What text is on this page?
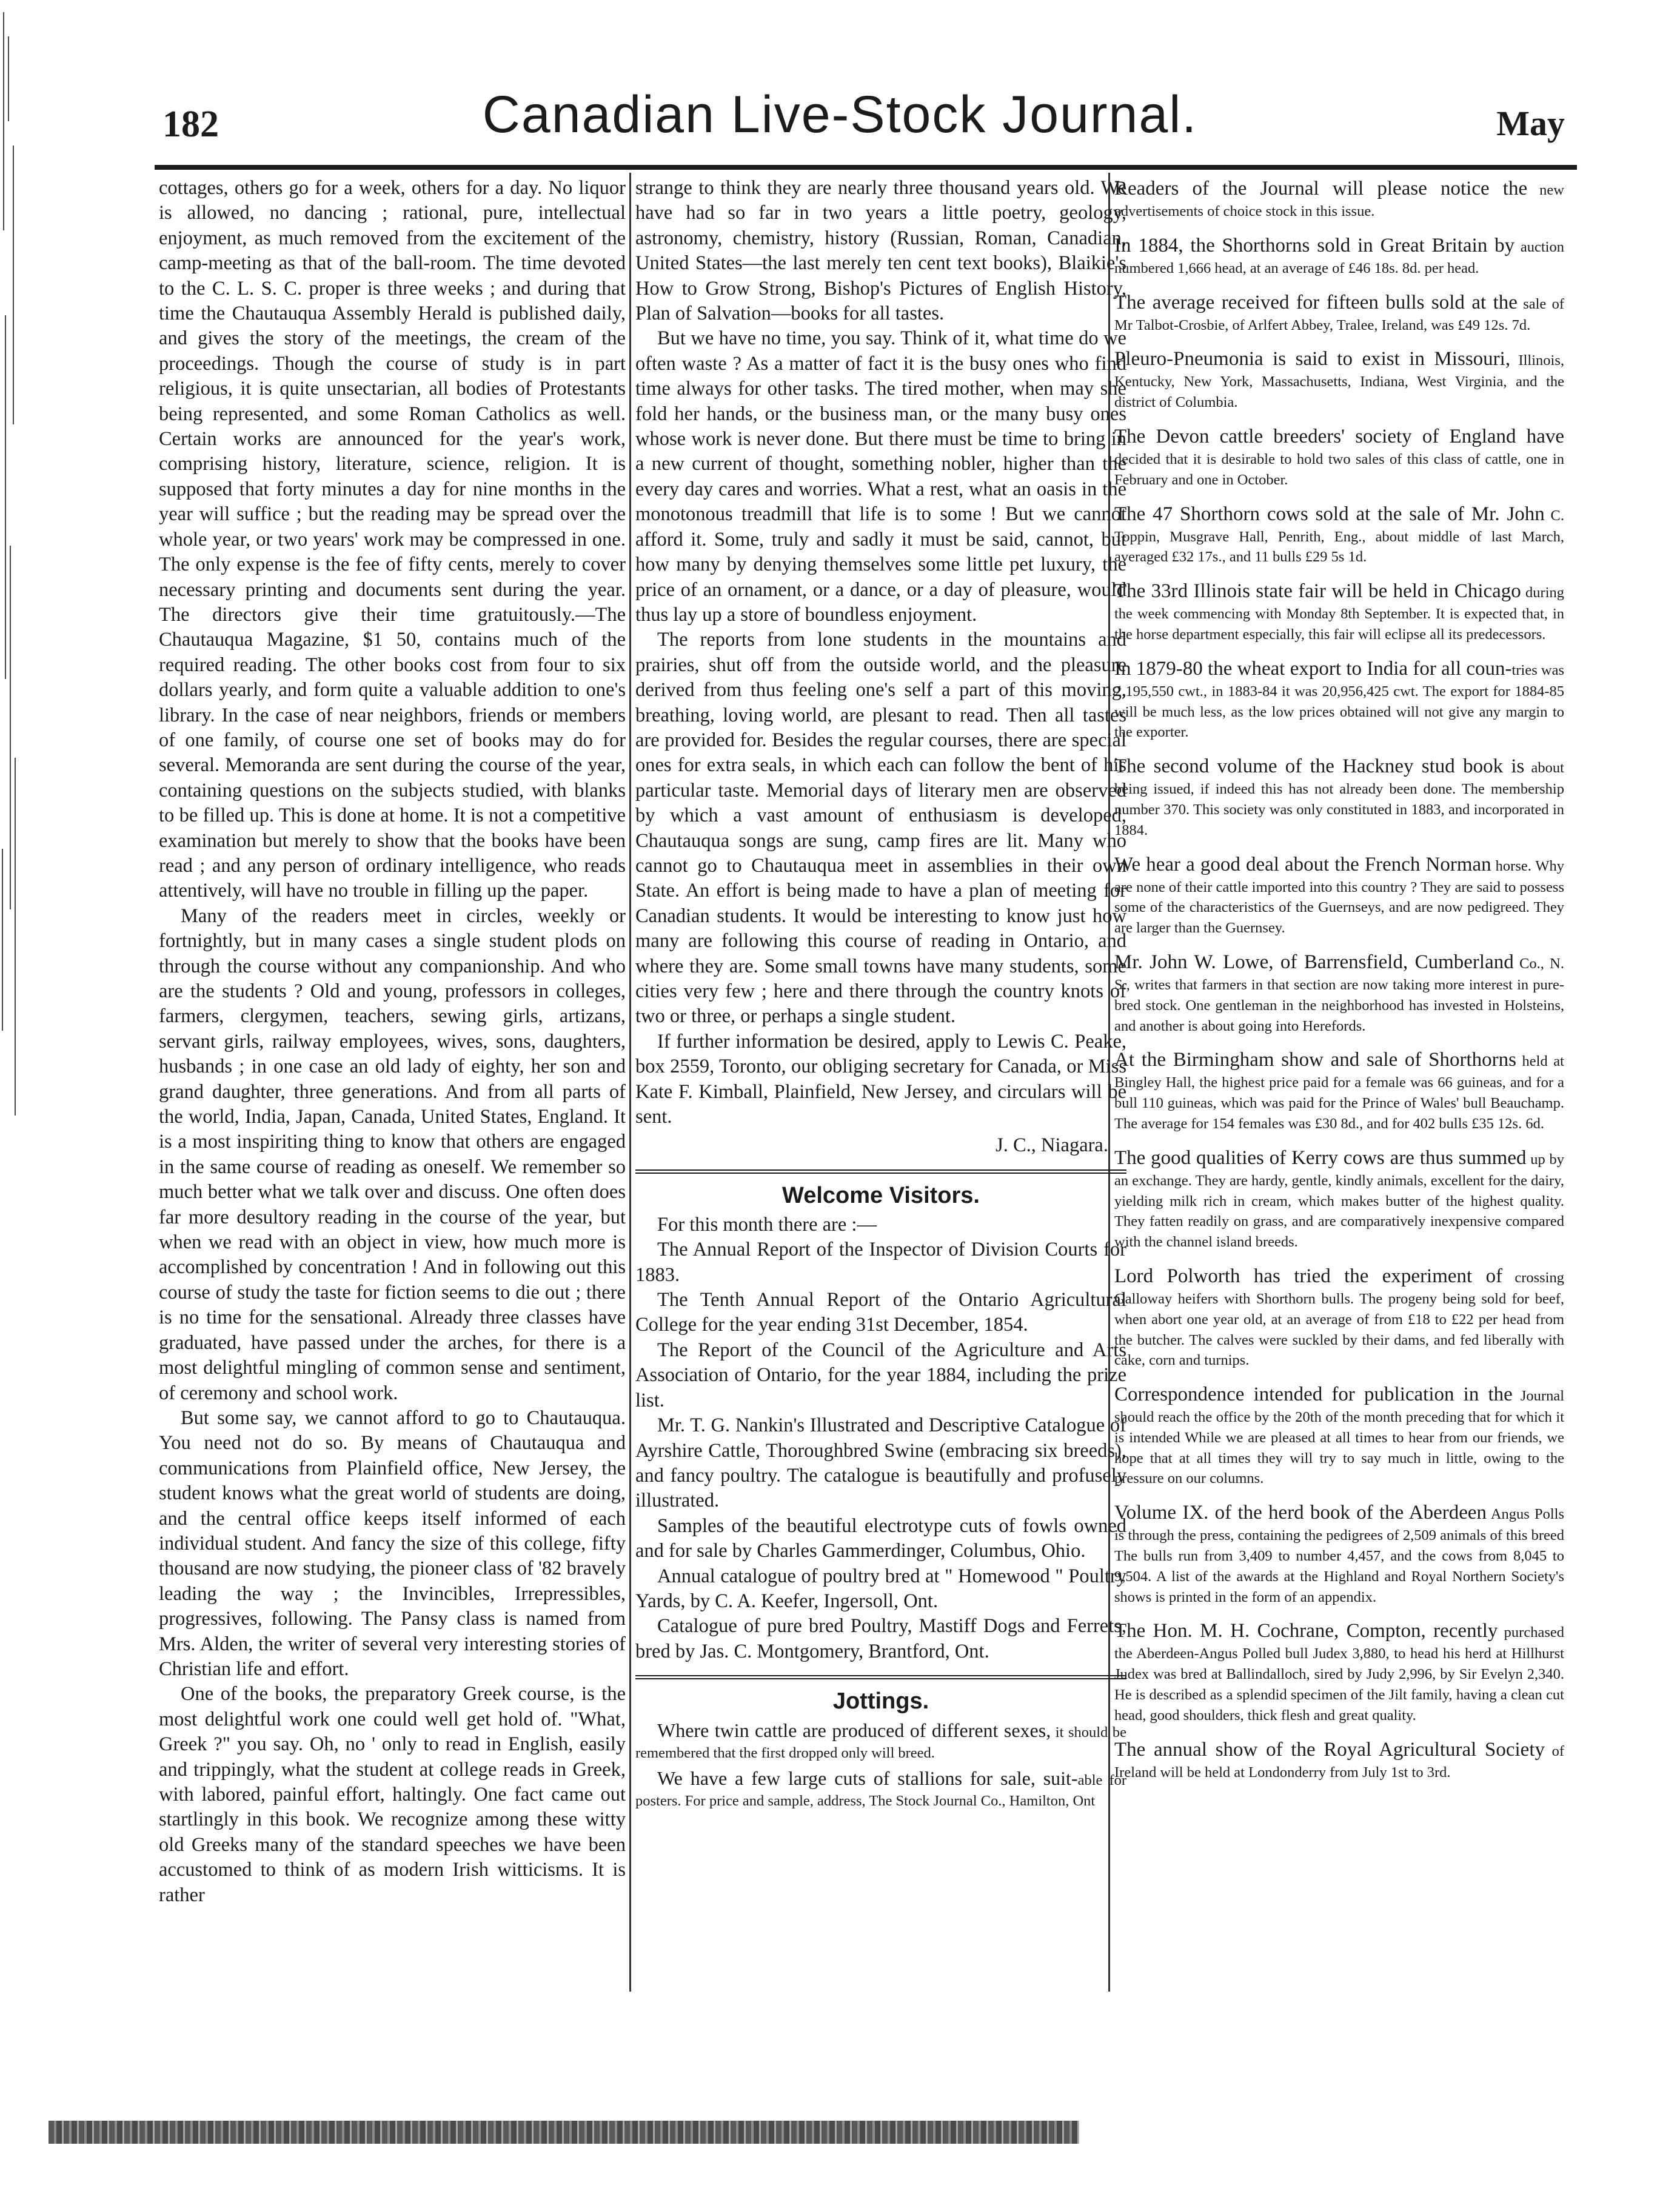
182	Canadian Live-Stock Journal.	May

cottages, others go for a week, others for a day. No liquor is allowed, no dancing ; rational, pure, intellectual enjoyment, as much removed from the excitement of the camp-meeting as that of the ball-room. The time devoted to the C. L. S. C. proper is three weeks ; and during that time the Chautauqua Assembly Herald is published daily, and gives the story of the meetings, the cream of the proceedings. Though the course of study is in part religious, it is quite unsectarian, all bodies of Protestants being represented, and some Roman Catholics as well. Certain works are announced for the year's work, comprising history, literature, science, religion. It is supposed that forty minutes a day for nine months in the year will suffice ; but the reading may be spread over the whole year, or two years' work may be compressed in one. The only expense is the fee of fifty cents, merely to cover necessary printing and documents sent during the year. The directors give their time gratuitously.—The Chautauqua Magazine, $1 50, contains much of the required reading. The other books cost from four to six dollars yearly, and form quite a valuable addition to one's library. In the case of near neighbors, friends or members of one family, of course one set of books may do for several. Memoranda are sent during the course of the year, containing questions on the subjects studied, with blanks to be filled up. This is done at home. It is not a competitive examination but merely to show that the books have been read ; and any person of ordinary intelligence, who reads attentively, will have no trouble in filling up the paper.

Many of the readers meet in circles, weekly or fortnightly, but in many cases a single student plods on through the course without any companionship. And who are the students ? Old and young, professors in colleges, farmers, clergymen, teachers, sewing girls, artizans, servant girls, railway employees, wives, sons, daughters, husbands ; in one case an old lady of eighty, her son and grand daughter, three generations. And from all parts of the world, India, Japan, Canada, United States, England. It is a most inspiriting thing to know that others are engaged in the same course of reading as oneself. We remember so much better what we talk over and discuss. One often does far more desultory reading in the course of the year, but when we read with an object in view, how much more is accomplished by concentration ! And in following out this course of study the taste for fiction seems to die out ; there is no time for the sensational. Already three classes have graduated, have passed under the arches, for there is a most delightful mingling of common sense and sentiment, of ceremony and school work.

But some say, we cannot afford to go to Chautauqua. You need not do so. By means of Chautauqua and communications from Plainfield office, New Jersey, the student knows what the great world of students are doing, and the central office keeps itself informed of each individual student. And fancy the size of this college, fifty thousand are now studying, the pioneer class of '82 bravely leading the way ; the Invincibles, Irrepressibles, progressives, following. The Pansy class is named from Mrs. Alden, the writer of several very interesting stories of Christian life and effort.

One of the books, the preparatory Greek course, is the most delightful work one could well get hold of. "What, Greek ?" you say. Oh, no ' only to read in English, easily and trippingly, what the student at college reads in Greek, with labored, painful effort, haltingly. One fact came out startlingly in this book. We recognize among these witty old Greeks many of the standard speeches we have been accustomed to think of as modern Irish witticisms. It is rather

strange to think they are nearly three thousand years old. We have had so far in two years a little poetry, geology, astronomy, chemistry, history (Russian, Roman, Canadian, United States—the last merely ten cent text books), Blaikie's How to Grow Strong, Bishop's Pictures of English History, Plan of Salvation—books for all tastes.

But we have no time, you say. Think of it, what time do we often waste ? As a matter of fact it is the busy ones who find time always for other tasks. The tired mother, when may she fold her hands, or the business man, or the many busy ones whose work is never done. But there must be time to bring in a new current of thought, something nobler, higher than the every day cares and worries. What a rest, what an oasis in the monotonous treadmill that life is to some ! But we cannot afford it. Some, truly and sadly it must be said, cannot, but how many by denying themselves some little pet luxury, the price of an ornament, or a dance, or a day of pleasure, would thus lay up a store of boundless enjoyment.

The reports from lone students in the mountains and prairies, shut off from the outside world, and the pleasure derived from thus feeling one's self a part of this moving, breathing, loving world, are plesant to read. Then all tastes are provided for. Besides the regular courses, there are special ones for extra seals, in which each can follow the bent of his particular taste. Memorial days of literary men are observed by which a vast amount of enthusiasm is developed, Chautauqua songs are sung, camp fires are lit. Many who cannot go to Chautauqua meet in assemblies in their own State. An effort is being made to have a plan of meeting for Canadian students. It would be interesting to know just how many are following this course of reading in Ontario, and where they are. Some small towns have many students, some cities very few ; here and there through the country knots of two or three, or perhaps a single student.

If further information be desired, apply to Lewis C. Peake, box 2559, Toronto, our obliging secretary for Canada, or Miss Kate F. Kimball, Plainfield, New Jersey, and circulars will be sent.

J. C., Niagara.

Welcome Visitors.

For this month there are :—

The Annual Report of the Inspector of Division Courts for 1883.

The Tenth Annual Report of the Ontario Agricultural College for the year ending 31st December, 1854.

The Report of the Council of the Agriculture and Arts Association of Ontario, for the year 1884, including the prize list.

Mr. T. G. Nankin's Illustrated and Descriptive Catalogue of Ayrshire Cattle, Thoroughbred Swine (embracing six breeds), and fancy poultry. The catalogue is beautifully and profusely illustrated.

Samples of the beautiful electrotype cuts of fowls owned and for sale by Charles Gammerdinger, Columbus, Ohio.

Annual catalogue of poultry bred at " Homewood " Poultry Yards, by C. A. Keefer, Ingersoll, Ont.

Catalogue of pure bred Poultry, Mastiff Dogs and Ferrets, bred by Jas. C. Montgomery, Brantford, Ont.

Jottings.
Where twin cattle are produced of different sexes, it should be remembered that the first dropped only will breed.
We have a few large cuts of stallions for sale, suit-able for posters. For price and sample, address, The Stock Journal Co., Hamilton, Ont
Readers of the Journal will please notice the new advertisements of choice stock in this issue.
In 1884, the Shorthorns sold in Great Britain by auction numbered 1,666 head, at an average of £46 18s. 8d. per head.
The average received for fifteen bulls sold at the sale of Mr Talbot-Crosbie, of Arlfert Abbey, Tralee, Ireland, was £49 12s. 7d.
Pleuro-Pneumonia is said to exist in Missouri, Illinois, Kentucky, New York, Massachusetts, Indiana, West Virginia, and the district of Columbia.
The Devon cattle breeders' society of England have decided that it is desirable to hold two sales of this class of cattle, one in February and one in October.
The 47 Shorthorn cows sold at the sale of Mr. John C. Toppin, Musgrave Hall, Penrith, Eng., about middle of last March, averaged £32 17s., and 11 bulls £29 5s 1d.
The 33rd Illinois state fair will be held in Chicago during the week commencing with Monday 8th September. It is expected that, in the horse department especially, this fair will eclipse all its predecessors.
In 1879-80 the wheat export to India for all coun-tries was 2,195,550 cwt., in 1883-84 it was 20,956,425 cwt. The export for 1884-85 will be much less, as the low prices obtained will not give any margin to the exporter.
The second volume of the Hackney stud book is about being issued, if indeed this has not already been done. The membership number 370. This society was only constituted in 1883, and incorporated in 1884.
We hear a good deal about the French Norman horse. Why are none of their cattle imported into this country ? They are said to possess some of the characteristics of the Guernseys, and are now pedigreed. They are larger than the Guernsey.
Mr. John W. Lowe, of Barrensfield, Cumberland Co., N. S., writes that farmers in that section are now taking more interest in pure-bred stock. One gentleman in the neighborhood has invested in Holsteins, and another is about going into Herefords.
At the Birmingham show and sale of Shorthorns held at Bingley Hall, the highest price paid for a female was 66 guineas, and for a bull 110 guineas, which was paid for the Prince of Wales' bull Beauchamp. The average for 154 females was £30 8d., and for 402 bulls £35 12s. 6d.
The good qualities of Kerry cows are thus summed up by an exchange. They are hardy, gentle, kindly animals, excellent for the dairy, yielding milk rich in cream, which makes butter of the highest quality. They fatten readily on grass, and are comparatively inexpensive compared with the channel island breeds.
Lord Polworth has tried the experiment of crossing Galloway heifers with Shorthorn bulls. The progeny being sold for beef, when abort one year old, at an average of from £18 to £22 per head from the butcher. The calves were suckled by their dams, and fed liberally with cake, corn and turnips.
Correspondence intended for publication in the Journal should reach the office by the 20th of the month preceding that for which it is intended While we are pleased at all times to hear from our friends, we hope that at all times they will try to say much in little, owing to the pressure on our columns.
Volume IX. of the herd book of the Aberdeen Angus Polls is through the press, containing the pedigrees of 2,509 animals of this breed The bulls run from 3,409 to number 4,457, and the cows from 8,045 to 9,504. A list of the awards at the Highland and Royal Northern Society's shows is printed in the form of an appendix.
The Hon. M. H. Cochrane, Compton, recently purchased the Aberdeen-Angus Polled bull Judex 3,880, to head his herd at Hillhurst Judex was bred at Ballindalloch, sired by Judy 2,996, by Sir Evelyn 2,340. He is described as a splendid specimen of the Jilt family, having a clean cut head, good shoulders, thick flesh and great quality.
The annual show of the Royal Agricultural Society of Ireland will be held at Londonderry from July 1st to 3rd.
